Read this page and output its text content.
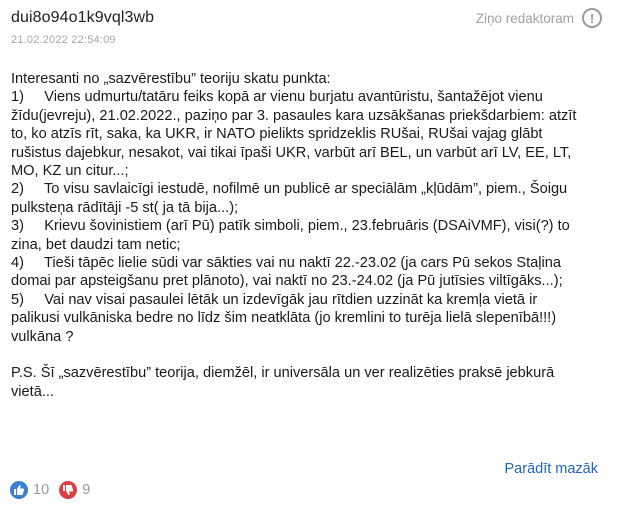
dui8o94o1k9vql3wb	Ziņo redaktoram	!
21.02.2022 22:54:09

Interesanti no „sazvērestību” teoriju skatu punkta:

1)     Viens udmurtu/tatāru feiks kopā ar vienu burjatu avantūristu, šantažējot vienu

žīdu(jevreju), 21.02.2022., paziņo par 3. pasaules kara uzsākšanas priekšdarbiem: atzīt

to, ko atzīs rīt, saka, ka UKR, ir NATO pielikts spridzeklis RUšai, RUšai vajag glābt

rušistus dajebkur, nesakot, vai tikai īpaši UKR, varbūt arī BEL, un varbūt arī LV, EE, LT,

MO, KZ un citur...;

2)     To visu savlaicīgi iestudē, nofilmē un publicē ar speciālām „kļūdām”, piem., Šoigu

pulksteņa rādītāji -5 st( ja tā bija...);

3)     Krievu šovinistiem (arī Pū) patīk simboli, piem., 23.februāris (DSAiVMF), visi(?) to

zina, bet daudzi tam netic;

4)     Tieši tāpēc lielie sūdi var sākties vai nu naktī 22.-23.02 (ja cars Pū sekos Staļina

domai par apsteigšanu pret plānoto), vai naktī no 23.-24.02 (ja Pū jutīsies viltīgāks...);

5)     Vai nav visai pasaulei lētāk un izdevīgāk jau rītdien uzzināt ka kremļa vietā ir

palikusi vulkāniska bedre no līdz šim neatklāta (jo kremlini to turēja lielā slepenībā!!!)

vulkāna ?

P.S. Šī „sazvērestību” teorija, diemžēl, ir universāla un ver realizēties praksē jebkurā

vietā...

Parādīt mazāk
10 9
